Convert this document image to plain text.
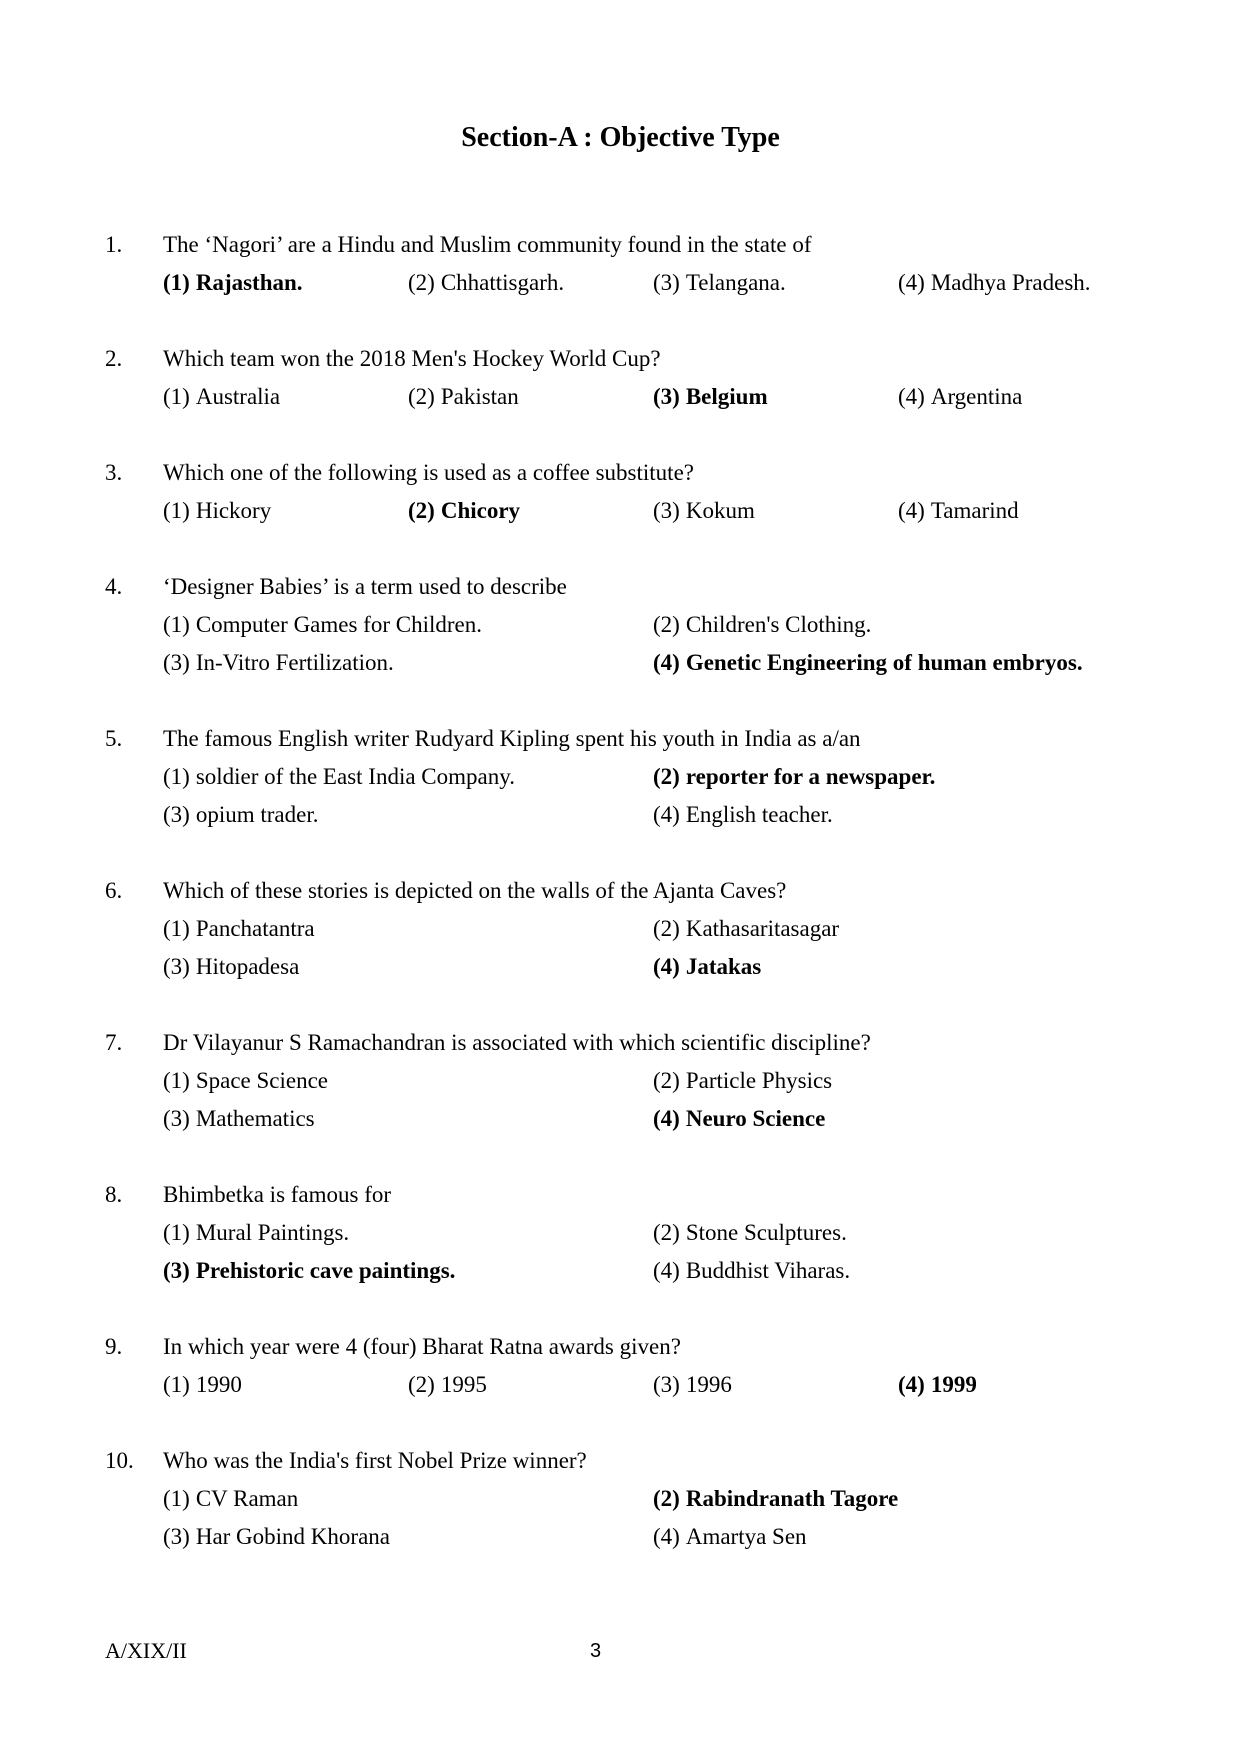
Section-A : Objective Type
1. The ‘Nagori’ are a Hindu and Muslim community found in the state of
(1) Rajasthan.	(2) Chhattisgarh.	(3) Telangana.	(4) Madhya Pradesh.
2. Which team won the 2018 Men's Hockey World Cup?
(1) Australia	(2) Pakistan	(3) Belgium	(4) Argentina
3. Which one of the following is used as a coffee substitute?
(1) Hickory	(2) Chicory	(3) Kokum	(4) Tamarind
4. ‘Designer Babies’ is a term used to describe
(1) Computer Games for Children.	(2) Children's Clothing.
(3) In-Vitro Fertilization.	(4) Genetic Engineering of human embryos.
5. The famous English writer Rudyard Kipling spent his youth in India as a/an
(1) soldier of the East India Company.	(2) reporter for a newspaper.
(3) opium trader.	(4) English teacher.
6. Which of these stories is depicted on the walls of the Ajanta Caves?
(1) Panchatantra	(2) Kathasaritasagar
(3) Hitopadesa	(4) Jatakas
7. Dr Vilayanur S Ramachandran is associated with which scientific discipline?
(1) Space Science	(2) Particle Physics
(3) Mathematics	(4) Neuro Science
8. Bhimbetka is famous for
(1) Mural Paintings.	(2) Stone Sculptures.
(3) Prehistoric cave paintings.	(4) Buddhist Viharas.
9. In which year were 4 (four) Bharat Ratna awards given?
(1) 1990	(2) 1995	(3) 1996	(4) 1999
10. Who was the India's first Nobel Prize winner?
(1) CV Raman	(2) Rabindranath Tagore
(3) Har Gobind Khorana	(4) Amartya Sen
A/XIX/II	3
